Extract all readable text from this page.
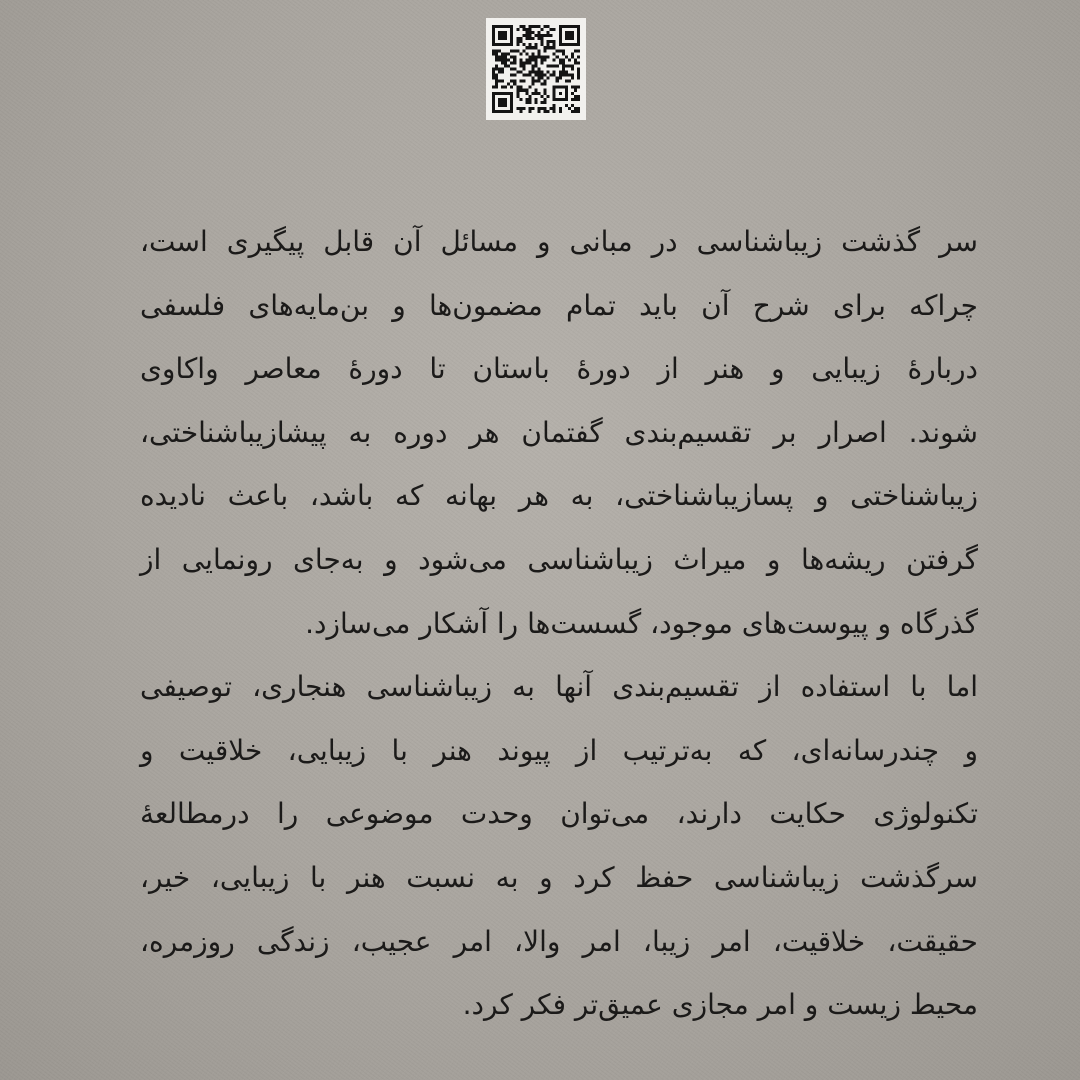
سر گذشت زیباشناسی در مبانی و مسائل آن قابل پیگیری است،
چراکه برای شرح آن باید تمام مضمون‌ها و بن‌مایه‌های فلسفی
دربارهٔ زیبایی و هنر از دورهٔ باستان تا دورهٔ معاصر واکاوی
شوند. اصرار بر تقسیم‌بندی گفتمان هر دوره به پیشازیباشناختی،
زیباشناختی و پسازیباشناختی، به هر بهانه که باشد، باعث نادیده
گرفتن ریشه‌ها و میراث زیباشناسی می‌شود و به‌جای رونمایی از
گذرگاه و پیوست‌های موجود، گسست‌ها را آشکار می‌سازد.
اما با استفاده از تقسیم‌بندی آنها به زیباشناسی هنجاری، توصیفی
و چندرسانه‌ای، که به‌ترتیب از پیوند هنر با زیبایی، خلاقیت و
تکنولوژی حکایت دارند، می‌توان وحدت موضوعی را درمطالعهٔ
سرگذشت زیباشناسی حفظ کرد و به نسبت هنر با زیبایی، خیر،
حقیقت، خلاقیت، امر زیبا، امر والا، امر عجیب، زندگی روزمره،
محیط زیست و امر مجازی عمیق‌تر فکر کرد.
